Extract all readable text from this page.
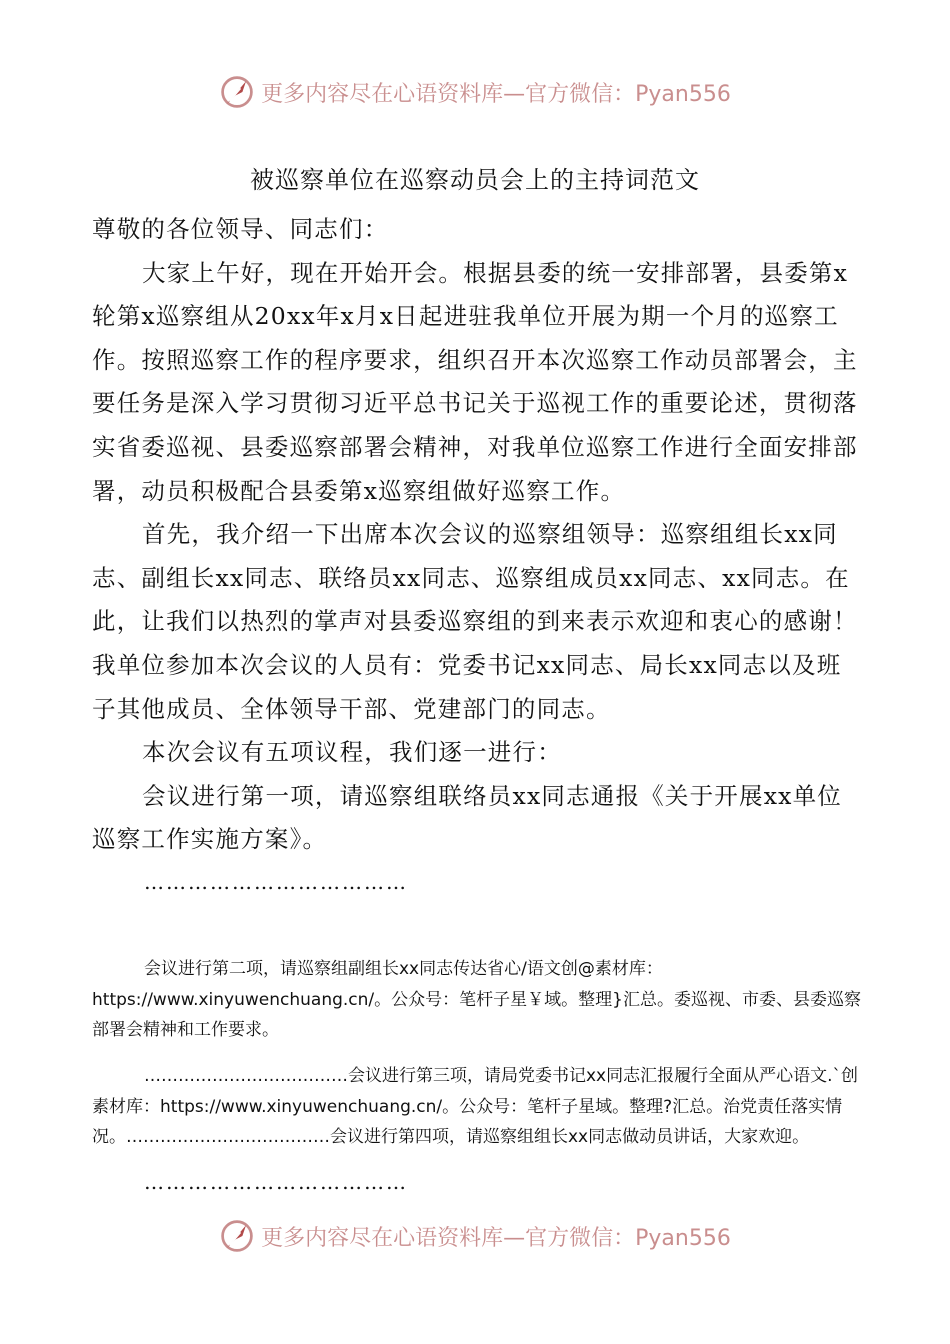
更多内容尽在心语资料库—官方微信：Pyan556
被巡察单位在巡察动员会上的主持词范文

尊敬的各位领导、同志们：

大家上午好，现在开始开会。根据县委的统一安排部署，县委第x轮第x巡察组从20xx年x月x日起进驻我单位开展为期一个月的巡察工作。按照巡察工作的程序要求，组织召开本次巡察工作动员部署会，主要任务是深入学习贯彻习近平总书记关于巡视工作的重要论述，贯彻落实省委巡视、县委巡察部署会精神，对我单位巡察工作进行全面安排部署，动员积极配合县委第x巡察组做好巡察工作。

首先，我介绍一下出席本次会议的巡察组领导：巡察组组长xx同志、副组长xx同志、联络员xx同志、巡察组成员xx同志、xx同志。在此，让我们以热烈的掌声对县委巡察组的到来表示欢迎和衷心的感谢！我单位参加本次会议的人员有：党委书记xx同志、局长xx同志以及班子其他成员、全体领导干部、党建部门的同志。

本次会议有五项议程，我们逐一进行：

会议进行第一项，请巡察组联络员xx同志通报《关于开展xx单位巡察工作实施方案》。

………………………………

会议进行第二项，请巡察组副组长xx同志传达省心/语文创@素材库：https://www.xinyuwenchuang.cn/。公众号：笔杆子星￥域。整理}汇总。委巡视、市委、县委巡察部署会精神和工作要求。

………………………………会议进行第三项，请局党委书记xx同志汇报履行全面从严心语文.`创素材库：https://www.xinyuwenchuang.cn/。公众号：笔杆子星域。整理?汇总。治党责任落实情况。………………………………会议进行第四项，请巡察组组长xx同志做动员讲话，大家欢迎。

………………………………

更多内容尽在心语资料库—官方微信：Pyan556
